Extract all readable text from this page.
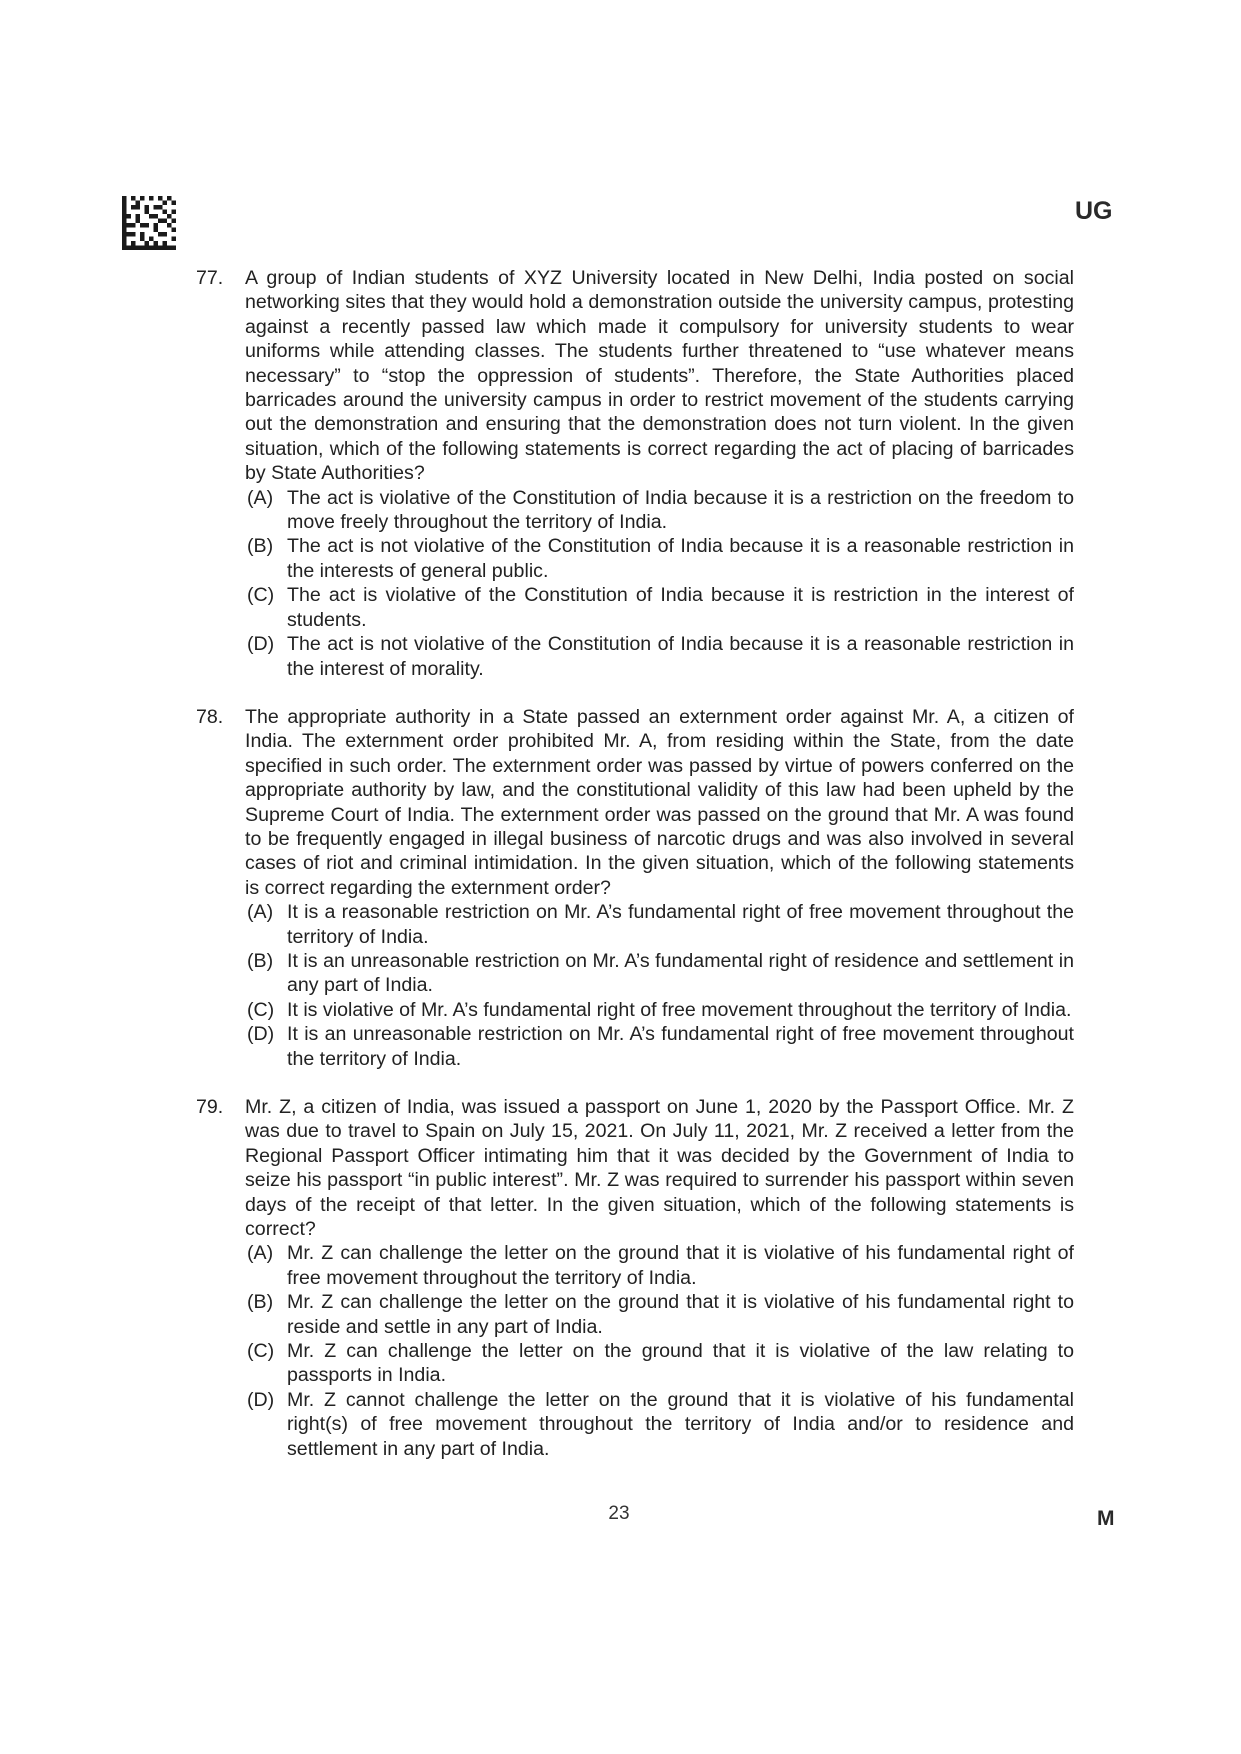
UG
77.	A group of Indian students of XYZ University located in New Delhi, India posted on social networking sites that they would hold a demonstration outside the university campus, protesting against a recently passed law which made it compulsory for university students to wear uniforms while attending classes. The students further threatened to “use whatever means necessary” to “stop the oppression of students”. Therefore, the State Authorities placed barricades around the university campus in order to restrict movement of the students carrying out the demonstration and ensuring that the demonstration does not turn violent. In the given situation, which of the following statements is correct regarding the act of placing of barricades by State Authorities?
(A) The act is violative of the Constitution of India because it is a restriction on the freedom to move freely throughout the territory of India.
(B) The act is not violative of the Constitution of India because it is a reasonable restriction in the interests of general public.
(C) The act is violative of the Constitution of India because it is restriction in the interest of students.
(D) The act is not violative of the Constitution of India because it is a reasonable restriction in the interest of morality.
78.	The appropriate authority in a State passed an externment order against Mr. A, a citizen of India. The externment order prohibited Mr. A, from residing within the State, from the date specified in such order. The externment order was passed by virtue of powers conferred on the appropriate authority by law, and the constitutional validity of this law had been upheld by the Supreme Court of India. The externment order was passed on the ground that Mr. A was found to be frequently engaged in illegal business of narcotic drugs and was also involved in several cases of riot and criminal intimidation. In the given situation, which of the following statements is correct regarding the externment order?
(A) It is a reasonable restriction on Mr. A’s fundamental right of free movement throughout the territory of India.
(B) It is an unreasonable restriction on Mr. A’s fundamental right of residence and settlement in any part of India.
(C) It is violative of Mr. A’s fundamental right of free movement throughout the territory of India.
(D) It is an unreasonable restriction on Mr. A’s fundamental right of free movement throughout the territory of India.
79.	Mr. Z, a citizen of India, was issued a passport on June 1, 2020 by the Passport Office. Mr. Z was due to travel to Spain on July 15, 2021. On July 11, 2021, Mr. Z received a letter from the Regional Passport Officer intimating him that it was decided by the Government of India to seize his passport “in public interest”. Mr. Z was required to surrender his passport within seven days of the receipt of that letter. In the given situation, which of the following statements is correct?
(A) Mr. Z can challenge the letter on the ground that it is violative of his fundamental right of free movement throughout the territory of India.
(B) Mr. Z can challenge the letter on the ground that it is violative of his fundamental right to reside and settle in any part of India.
(C) Mr. Z can challenge the letter on the ground that it is violative of the law relating to passports in India.
(D) Mr. Z cannot challenge the letter on the ground that it is violative of his fundamental right(s) of free movement throughout the territory of India and/or to residence and settlement in any part of India.
23	M
